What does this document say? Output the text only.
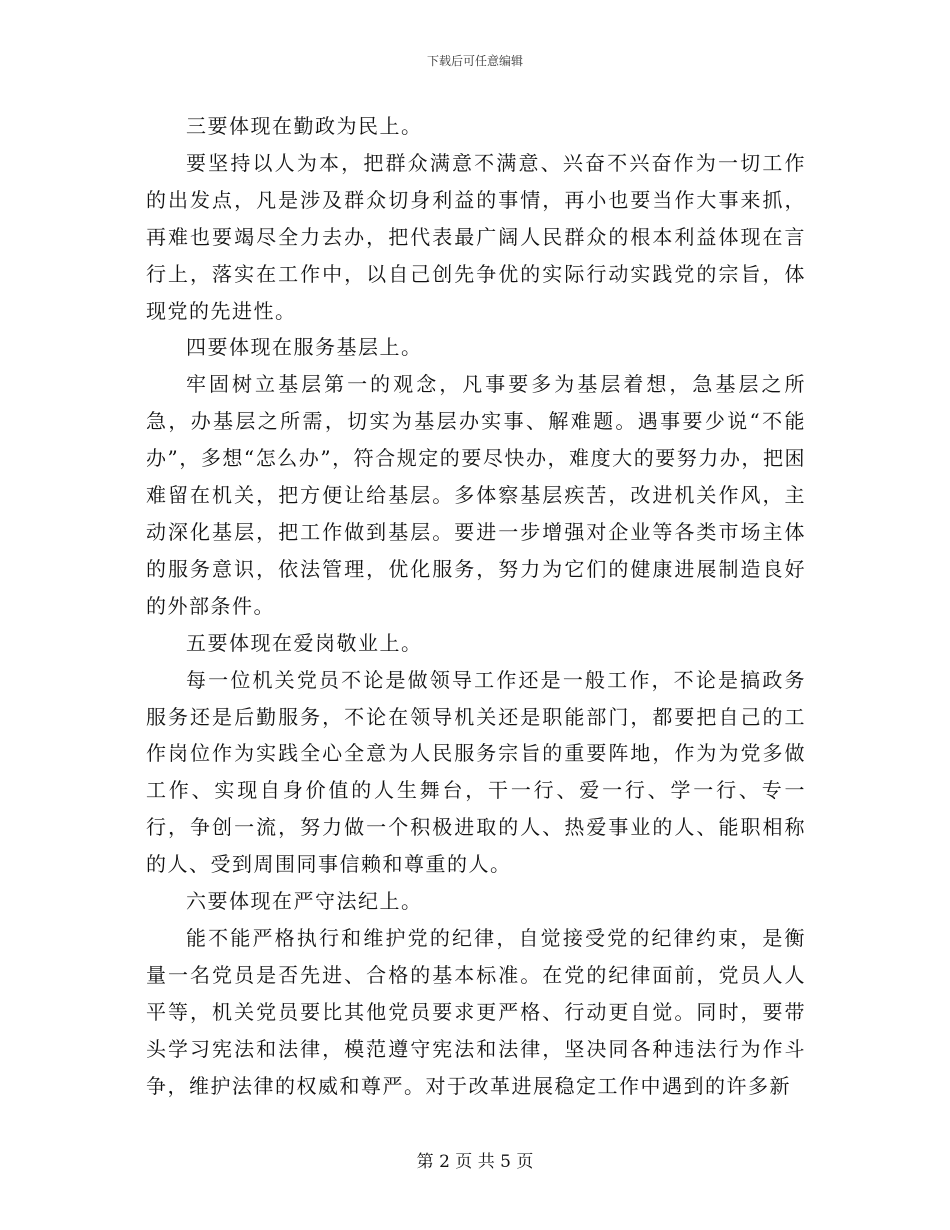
下载后可任意编辑

三要体现在勤政为民上。

要坚持以人为本，把群众满意不满意、兴奋不兴奋作为一切工作的出发点，凡是涉及群众切身利益的事情，再小也要当作大事来抓，再难也要竭尽全力去办，把代表最广阔人民群众的根本利益体现在言行上，落实在工作中，以自己创先争优的实际行动实践党的宗旨，体现党的先进性。

四要体现在服务基层上。

牢固树立基层第一的观念，凡事要多为基层着想，急基层之所急，办基层之所需，切实为基层办实事、解难题。遇事要少说“不能办”，多想“怎么办”，符合规定的要尽快办，难度大的要努力办，把困难留在机关，把方便让给基层。多体察基层疾苦，改进机关作风，主动深化基层，把工作做到基层。要进一步增强对企业等各类市场主体的服务意识，依法管理，优化服务，努力为它们的健康进展制造良好的外部条件。

五要体现在爱岗敬业上。

每一位机关党员不论是做领导工作还是一般工作，不论是搞政务服务还是后勤服务，不论在领导机关还是职能部门，都要把自己的工作岗位作为实践全心全意为人民服务宗旨的重要阵地，作为为党多做工作、实现自身价值的人生舞台，干一行、爱一行、学一行、专一行，争创一流，努力做一个积极进取的人、热爱事业的人、能职相称的人、受到周围同事信赖和尊重的人。

六要体现在严守法纪上。

能不能严格执行和维护党的纪律，自觉接受党的纪律约束，是衡量一名党员是否先进、合格的基本标准。在党的纪律面前，党员人人平等，机关党员要比其他党员要求更严格、行动更自觉。同时，要带头学习宪法和法律，模范遵守宪法和法律，坚决同各种违法行为作斗争，维护法律的权威和尊严。对于改革进展稳定工作中遇到的许多新

第 2 页 共 5 页
